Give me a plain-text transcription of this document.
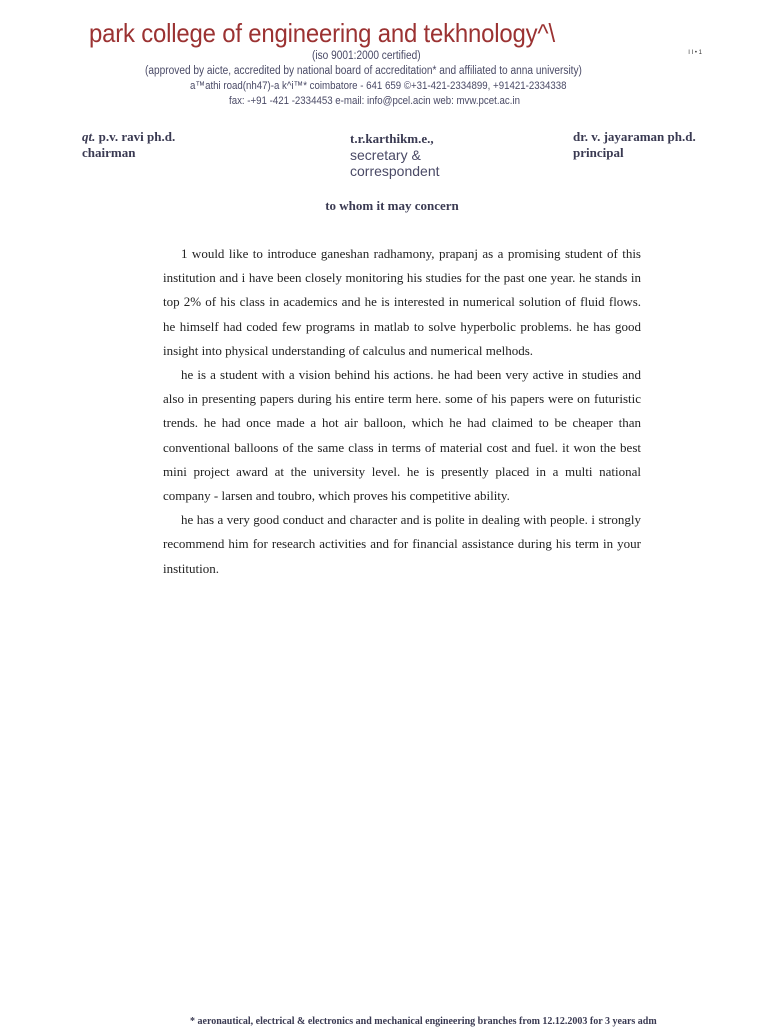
park college of engineering and tekhnology^\
I I • 1
(iso 9001:2000 certified)
(approved by aicte, accredited by national board of accreditation* and affiliated to anna university)
a™athi road(nh47)-a k^i™* coimbatore - 641 659 ©+31-421-2334899, +91421-2334338
fax: -+91 -421 -2334453 e-mail: info@pcel.acin web: mvw.pcet.ac.in
qt. p.v. ravi ph.d.
chairman
t.r.karthikm.e.,
secretary &
correspondent
dr. v. jayaraman ph.d.
principal
to whom it may concern

1 would like to introduce ganeshan radhamony, prapanj as a promising student of this institution and i have been closely monitoring his studies for the past one year. he stands in top 2% of his class in academics and he is interested in numerical solution of fluid flows. he himself had coded few programs in matlab to solve hyperbolic problems. he has good insight into physical understanding of calculus and numerical melhods.

he is a student with a vision behind his actions. he had been very active in studies and also in presenting papers during his entire term here. some of his papers were on futuristic trends. he had once made a hot air balloon, which he had claimed to be cheaper than conventional balloons of the same class in terms of material cost and fuel. it won the best mini project award at the university level. he is presently placed in a multi national company - larsen and toubro, which proves his competitive ability.

he has a very good conduct and character and is polite in dealing with people. i strongly recommend him for research activities and for financial assistance during his term in your institution.

* aeronautical, electrical & electronics and mechanical engineering branches from 12.12.2003 for 3 years adm
